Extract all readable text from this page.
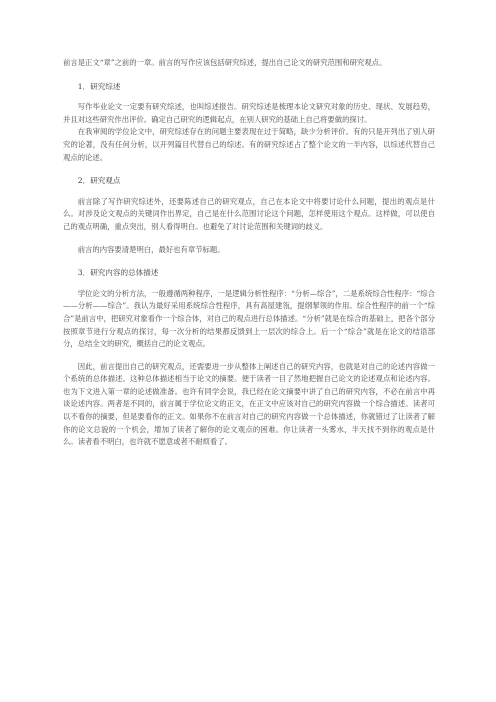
前言是正文“章”之前的一章。前言的写作应该包括研究综述，提出自己论文的研究范围和研究观点。

1．研究综述

写作毕业论文一定要有研究综述，也叫综述报告。研究综述是梳理本论文研究对象的历史、现状、发展趋势，并且对这些研究作出评价。确定自己研究的逻辑起点，在别人研究的基础上自己将要做的探讨。

在我审阅的学位论文中，研究综述存在的问题主要表现在过于简略，缺少分析评价。有的只是开列出了别人研究的论著，没有任何分析，以开列篇目代替自己的综述。有的研究综述占了整个论文的一半内容，以综述代替自己观点的论述。

2．研究观点

前言除了写作研究综述外，还要陈述自己的研究观点，自己在本论文中将要讨论什么问题，提出的观点是什么。对涉及论文观点的关键词作出界定，自己是在什么范围讨论这个问题，怎样使用这个观点。这样做，可以使自己的观点明确，重点突出，别人看得明白。也避免了对讨论范围和关键词的歧义。

前言的内容要清楚明白，最好也有章节标题。

3．研究内容的总体描述

学位论文的分析方法，一般遵循两种程序，一是逻辑分析性程序：“分析—综合”，二是系统综合性程序：“综合——分析——综合”。我认为最好采用系统综合性程序，具有高屋建瓴，提纲挈领的作用。综合性程序的前一个“综合”是前言中，把研究对象看作一个综合体，对自己的观点进行总体描述。“分析”就是在综合的基础上，把各个部分按照章节进行分观点的探讨，每一次分析的结果都反馈到上一层次的综合上。后一个“综合”就是在论文的结语部分，总结全文的研究，概括自己的论文观点。

因此，前言提出自己的研究观点，还需要进一步从整体上阐述自己的研究内容，也就是对自己的论述内容做一个系统的总体描述。这种总体描述相当于论文的摘要。便于读者一目了然地把握自己论文的论述观点和论述内容。也为下文进入第一章的论述做准备。也许有同学会说，我已经在论文摘要中讲了自己的研究内容，不必在前言中再谈论述内容。两者是不同的，前言属于学位论文的正文，在正文中应该对自己的研究内容做一个综合描述。读者可以不看你的摘要，但是要看你的正文。如果你不在前言对自己的研究内容做一个总体描述，你就错过了让读者了解你的论文总貌的一个机会，增加了读者了解你的论文观点的困难。你让读者一头雾水，半天找不到你的观点是什么。读者看不明白，也许就不愿意或者不耐烦看了。
